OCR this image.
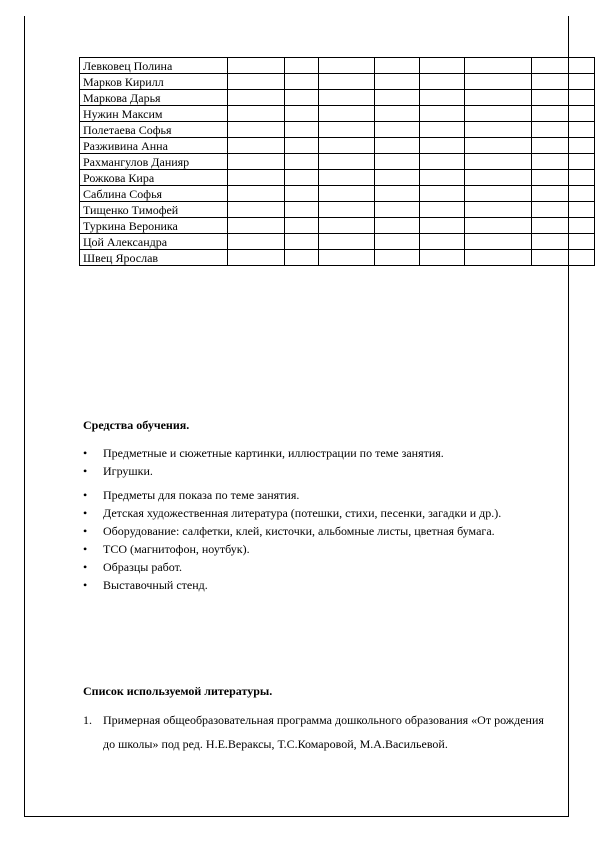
Левковец Полина							
Марков Кирилл							
Маркова Дарья							
Нужин Максим							
Полетаева Софья							
Разживина Анна							
Рахмангулов Данияр							
Рожкова Кира							
Саблина Софья							
Тищенко Тимофей							
Туркина Вероника							
Цой Александра							
Швец Ярослав							

Средства обучения.

•	Предметные и сюжетные картинки, иллюстрации по теме занятия.
•	Игрушки.
•	Предметы для показа по теме занятия.
•	Детская художественная литература (потешки, стихи, песенки, загадки и др.).
•	Оборудование: салфетки, клей, кисточки, альбомные листы, цветная бумага.
•	ТСО (магнитофон, ноутбук).
•	Образцы работ.
•	Выставочный стенд.

Список используемой литературы.

1. Примерная общеобразовательная программа дошкольного образования «От рождения до школы» под ред. Н.Е.Вераксы, Т.С.Комаровой, М.А.Васильевой.
